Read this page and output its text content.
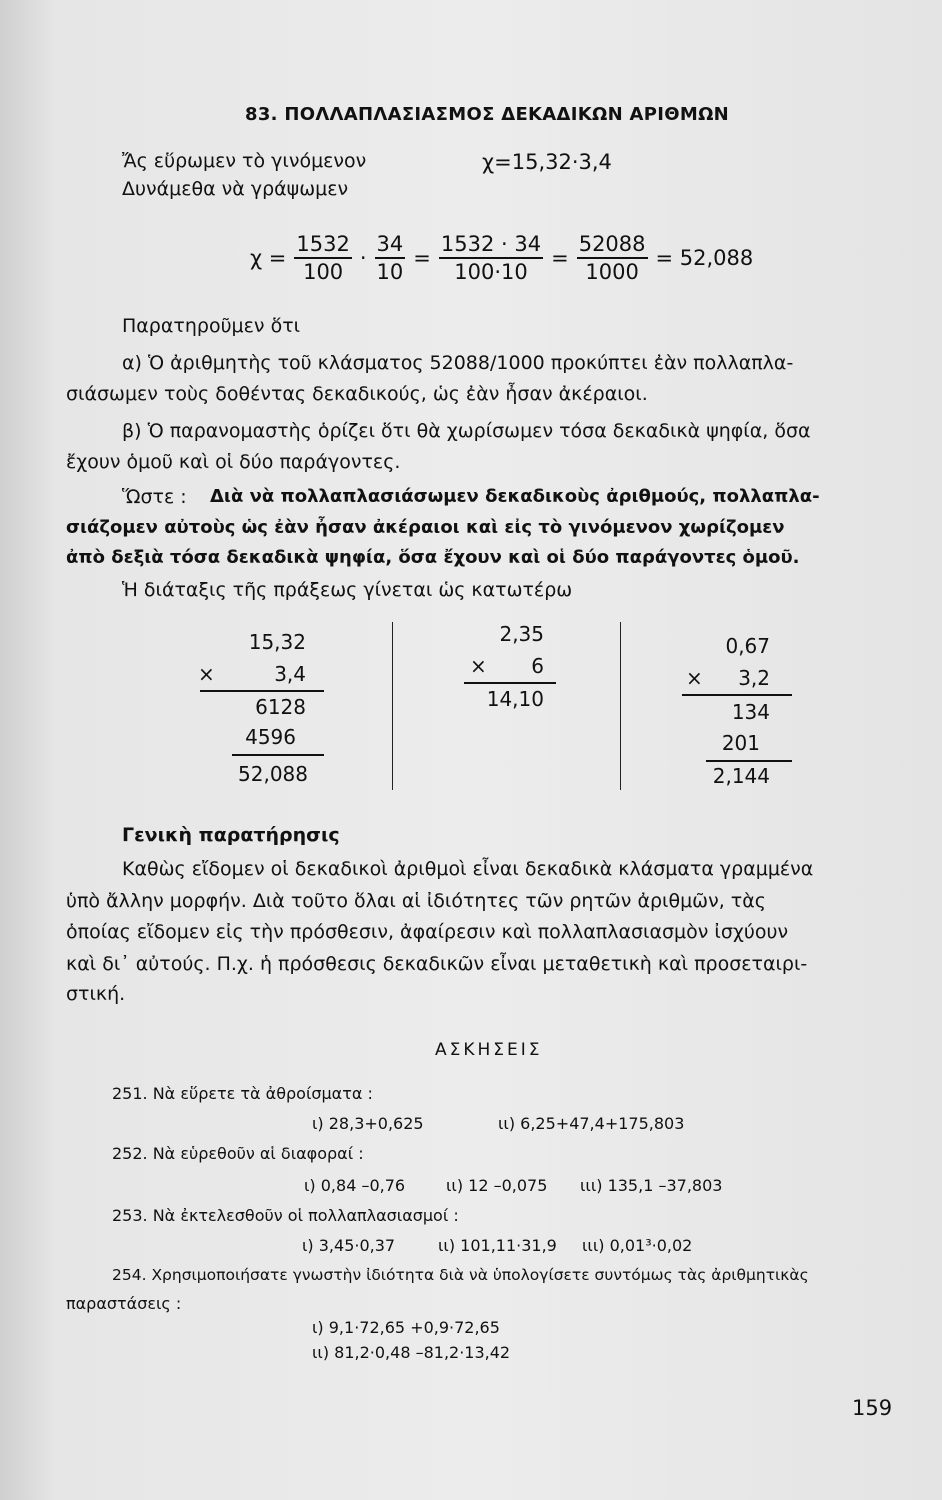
83. ΠΟΛΛΑΠΛΑΣΙΑΣΜΟΣ ΔΕΚΑΔΙΚΩΝ ΑΡΙΘΜΩΝ
Ἄς εὕρωμεν τὸ γινόμενον	χ=15,32·3,4
Δυνάμεθα νὰ γράψωμεν
$\chi = \frac{1532}{100} \cdot \frac{34}{10} = \frac{1532 \cdot 34}{100\cdot 10} = \frac{52088}{1000} = 52,088$
Παρατηροῦμεν ὅτι
α) Ὁ ἀριθμητὴς τοῦ κλάσματος 52088/1000 προκύπτει ἐὰν πολλαπλα-
σιάσωμεν τοὺς δοθέντας δεκαδικούς, ὡς ἐὰν ἦσαν ἀκέραιοι.
β) Ὁ παρανομαστὴς ὁρίζει ὅτι θὰ χωρίσωμεν τόσα δεκαδικὰ ψηφία, ὅσα
ἔχουν ὁμοῦ καὶ οἱ δύο παράγοντες.
Ὥστε : Διὰ νὰ πολλαπλασιάσωμεν δεκαδικοὺς ἀριθμούς, πολλαπλα-
σιάζομεν αὐτοὺς ὡς ἐὰν ἦσαν ἀκέραιοι καὶ εἰς τὸ γινόμενον χωρίζομεν
ἀπὸ δεξιὰ τόσα δεκαδικὰ ψηφία, ὅσα ἔχουν καὶ οἱ δύο παράγοντες ὁμοῦ.
Ἡ διάταξις τῆς πράξεως γίνεται ὡς κατωτέρω
15,32
×	3,4
6128
4596
52,088
2,35
×	6
14,10
0,67
×	3,2
134
201
2,144
Γενικὴ παρατήρησις
Καθὼς εἴδομεν οἱ δεκαδικοὶ ἀριθμοὶ εἶναι δεκαδικὰ κλάσματα γραμμένα
ὑπὸ ἄλλην μορφήν. Διὰ τοῦτο ὅλαι αἱ ἰδιότητες τῶν ρητῶν ἀριθμῶν, τὰς
ὁποίας εἴδομεν εἰς τὴν πρόσθεσιν, ἀφαίρεσιν καὶ πολλαπλασιασμὸν ἰσχύουν
καὶ δι᾿ αὐτούς. Π.χ. ἡ πρόσθεσις δεκαδικῶν εἶναι μεταθετικὴ καὶ προσεταιρι-
στική.
ΑΣΚΗΣΕΙΣ
251. Νὰ εὕρετε τὰ ἀθροίσματα :
ι) 28,3+0,625	ιι) 6,25+47,4+175,803
252. Νὰ εὑρεθοῦν αἱ διαφοραί :
ι) 0,84 –0,76	ιι) 12 –0,075 ιιι) 135,1 –37,803
253. Νὰ ἐκτελεσθοῦν οἱ πολλαπλασιασμοί :
ι) 3,45·0,37	ιι) 101,11·31,9 ιιι) 0,01³·0,02
254. Χρησιμοποιήσατε γνωστὴν ἰδιότητα διὰ νὰ ὑπολογίσετε συντόμως τὰς ἀριθμητικὰς
παραστάσεις :
ι) 9,1·72,65 +0,9·72,65
ιι) 81,2·0,48 –81,2·13,42
159
